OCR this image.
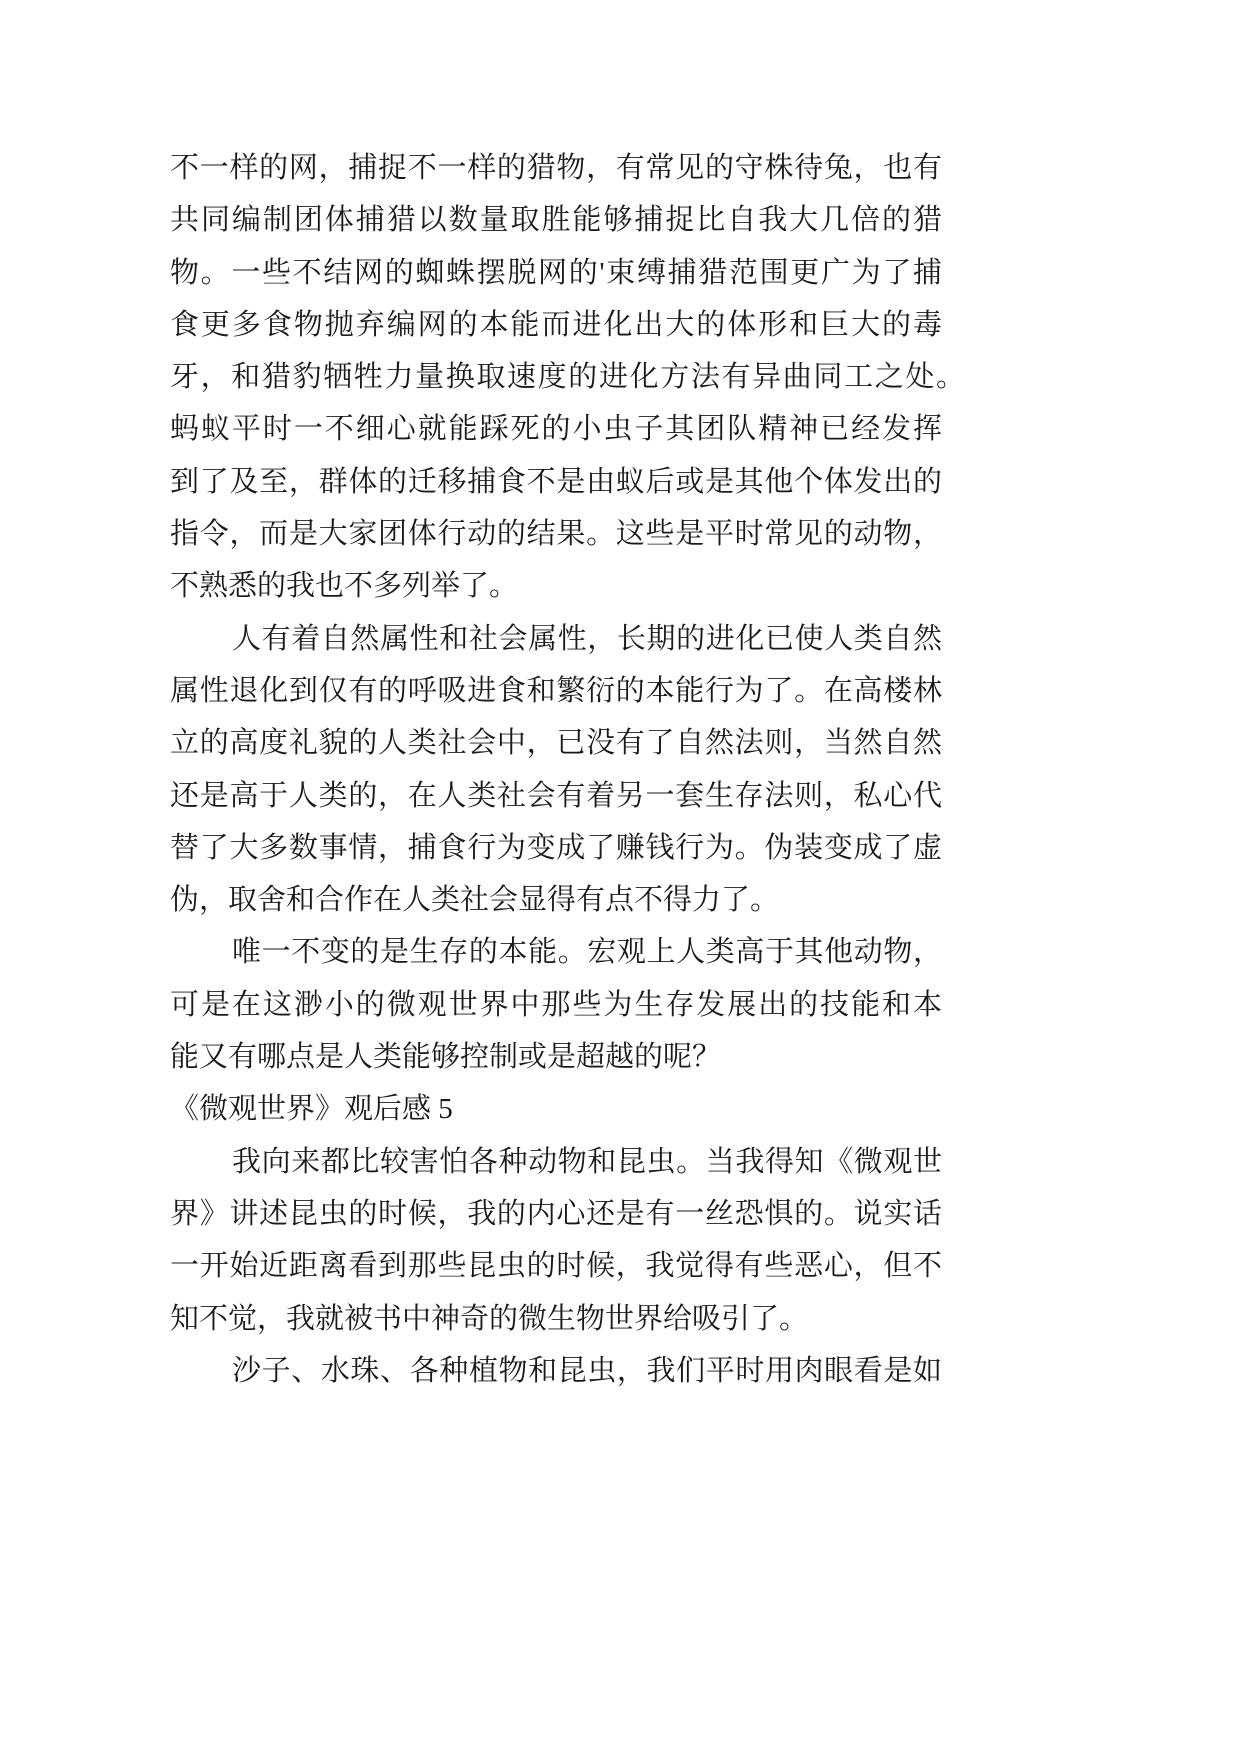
不一样的网，捕捉不一样的猎物，有常见的守株待兔，也有
共同编制团体捕猎以数量取胜能够捕捉比自我大几倍的猎
物。一些不结网的蜘蛛摆脱网的'束缚捕猎范围更广为了捕
食更多食物抛弃编网的本能而进化出大的体形和巨大的毒
牙，和猎豹牺牲力量换取速度的进化方法有异曲同工之处。
蚂蚁平时一不细心就能踩死的小虫子其团队精神已经发挥
到了及至，群体的迁移捕食不是由蚁后或是其他个体发出的
指令，而是大家团体行动的结果。这些是平时常见的动物，
不熟悉的我也不多列举了。
人有着自然属性和社会属性，长期的进化已使人类自然
属性退化到仅有的呼吸进食和繁衍的本能行为了。在高楼林
立的高度礼貌的人类社会中，已没有了自然法则，当然自然
还是高于人类的，在人类社会有着另一套生存法则，私心代
替了大多数事情，捕食行为变成了赚钱行为。伪装变成了虚
伪，取舍和合作在人类社会显得有点不得力了。
唯一不变的是生存的本能。宏观上人类高于其他动物，
可是在这渺小的微观世界中那些为生存发展出的技能和本
能又有哪点是人类能够控制或是超越的呢？
《微观世界》观后感 5
我向来都比较害怕各种动物和昆虫。当我得知《微观世
界》讲述昆虫的时候，我的内心还是有一丝恐惧的。说实话
一开始近距离看到那些昆虫的时候，我觉得有些恶心，但不
知不觉，我就被书中神奇的微生物世界给吸引了。
沙子、水珠、各种植物和昆虫，我们平时用肉眼看是如
